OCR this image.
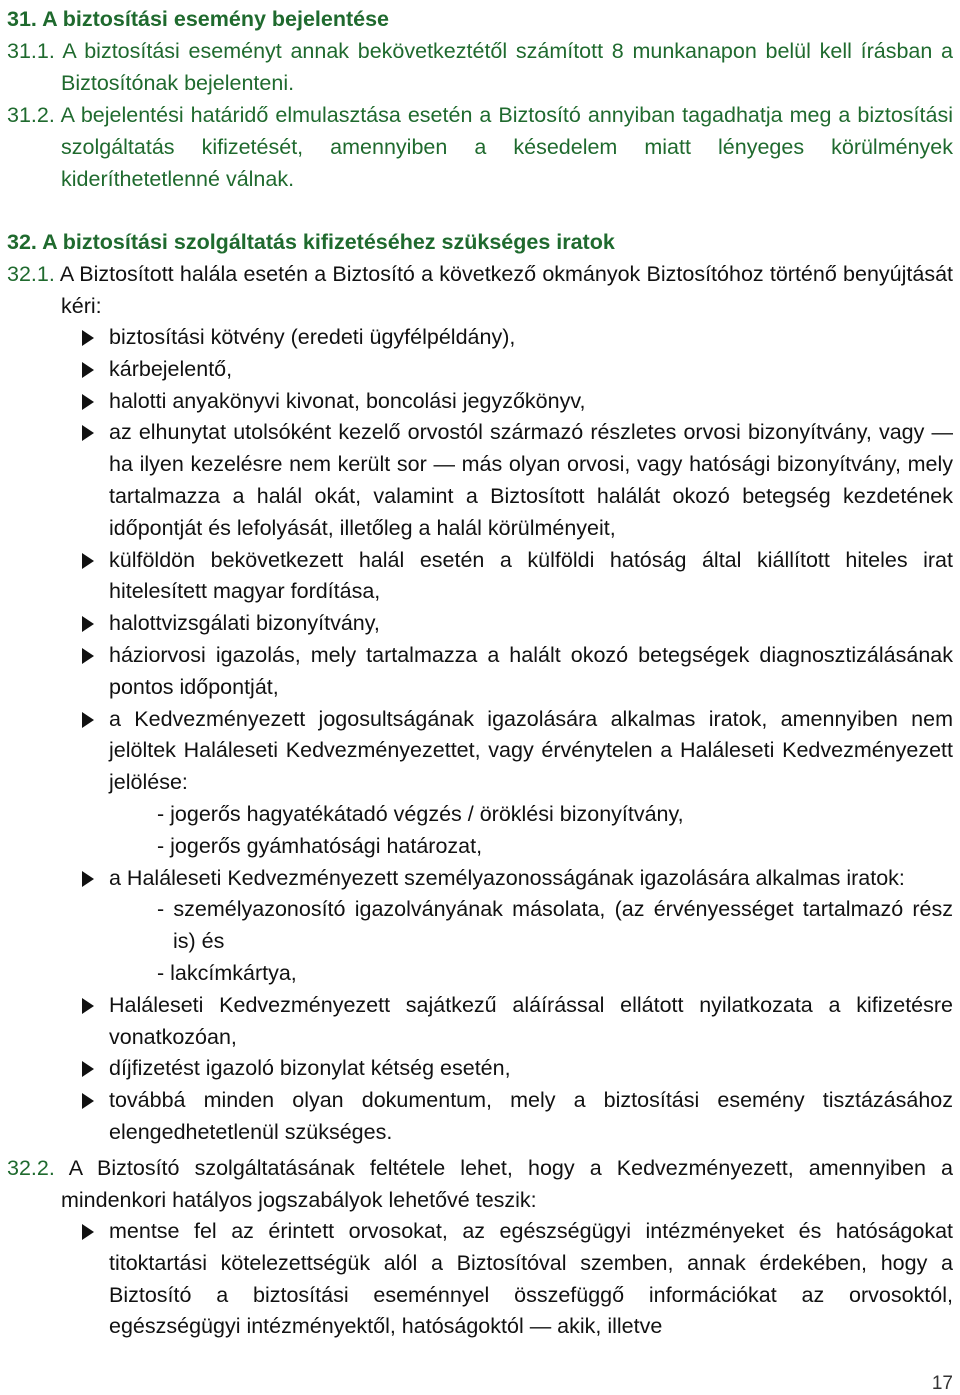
31. A biztosítási esemény bejelentése
31.1. A biztosítási eseményt annak bekövetkeztétől számított 8 munkanapon belül kell írásban a Biztosítónak bejelenteni.
31.2. A bejelentési határidő elmulasztása esetén a Biztosító annyiban tagadhatja meg a biztosítási szolgáltatás kifizetését, amennyiben a késedelem miatt lényeges körülmények kideríthetetlenné válnak.
32. A biztosítási szolgáltatás kifizetéséhez szükséges iratok
32.1. A Biztosított halála esetén a Biztosító a következő okmányok Biztosítóhoz történő benyújtását kéri:
biztosítási kötvény (eredeti ügyfélpéldány),
kárbejelentő,
halotti anyakönyvi kivonat, boncolási jegyzőkönyv,
az elhunytat utolsóként kezelő orvostól származó részletes orvosi bizonyítvány, vagy — ha ilyen kezelésre nem került sor — más olyan orvosi, vagy hatósági bizonyítvány, mely tartalmazza a halál okát, valamint a Biztosított halálát okozó betegség kezdetének időpontját és lefolyását, illetőleg a halál körülményeit,
külföldön bekövetkezett halál esetén a külföldi hatóság által kiállított hiteles irat hitelesített magyar fordítása,
halottvizsgálati bizonyítvány,
háziorvosi igazolás, mely tartalmazza a halált okozó betegségek diagnosztizálásának pontos időpontját,
a Kedvezményezett jogosultságának igazolására alkalmas iratok, amennyiben nem jelöltek Haláleseti Kedvezményezettet, vagy érvénytelen a Haláleseti Kedvezményezett jelölése:
- jogerős hagyatékátadó végzés / öröklési bizonyítvány,
- jogerős gyámhatósági határozat,
a Haláleseti Kedvezményezett személyazonosságának igazolására alkalmas iratok:
- személyazonosító igazolványának másolata, (az érvényességet tartalmazó rész is) és
- lakcímkártya,
Haláleseti Kedvezményezett sajátkezű aláírással ellátott nyilatkozata a kifizetésre vonatkozóan,
díjfizetést igazoló bizonylat kétség esetén,
továbbá minden olyan dokumentum, mely a biztosítási esemény tisztázásához elengedhetetlenül szükséges.
32.2. A Biztosító szolgáltatásának feltétele lehet, hogy a Kedvezményezett, amennyiben a mindenkori hatályos jogszabályok lehetővé teszik:
mentse fel az érintett orvosokat, az egészségügyi intézményeket és hatóságokat titoktartási kötelezettségük alól a Biztosítóval szemben, annak érdekében, hogy a Biztosító a biztosítási eseménnyel összefüggő információkat az orvosoktól, egészségügyi intézményektől, hatóságoktól — akik, illetve
17
